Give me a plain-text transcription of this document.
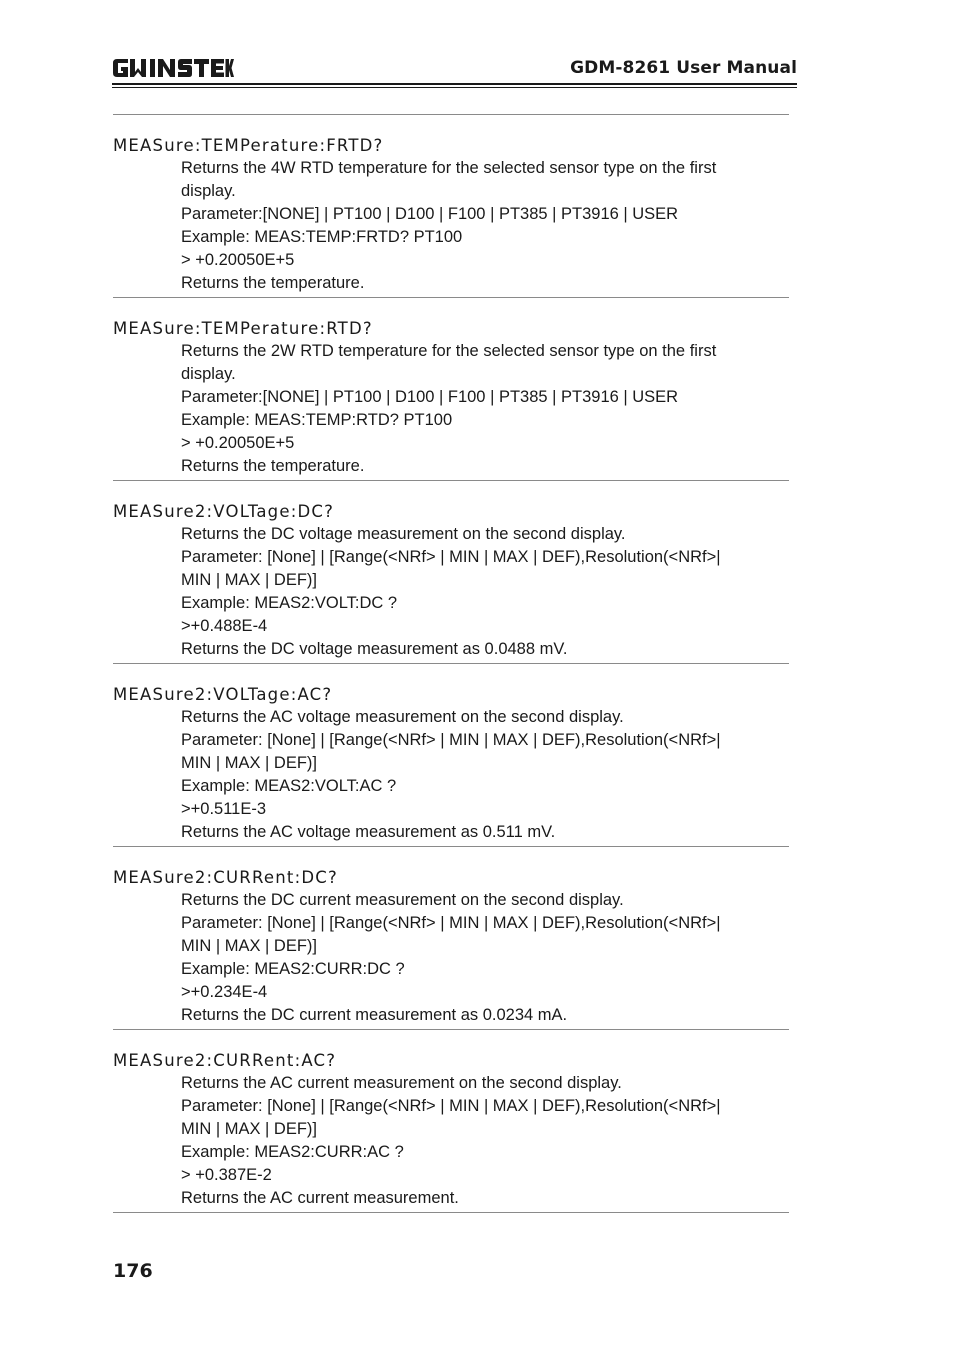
GW INSTEK
GDM-8261 User Manual
MEASure:TEMPerature:FRTD?
Returns the 4W RTD temperature for the selected sensor type on the first
display.
Parameter:[NONE] | PT100 | D100 | F100 | PT385 | PT3916 | USER
Example: MEAS:TEMP:FRTD? PT100
> +0.20050E+5
Returns the temperature.
MEASure:TEMPerature:RTD?
Returns the 2W RTD temperature for the selected sensor type on the first
display.
Parameter:[NONE] | PT100 | D100 | F100 | PT385 | PT3916 | USER
Example: MEAS:TEMP:RTD? PT100
> +0.20050E+5
Returns the temperature.
MEASure2:VOLTage:DC?
Returns the DC voltage measurement on the second display.
Parameter: [None] | [Range(<NRf> | MIN | MAX | DEF),Resolution(<NRf>|
MIN | MAX | DEF)]
Example: MEAS2:VOLT:DC ?
>+0.488E-4
Returns the DC voltage measurement as 0.0488 mV.
MEASure2:VOLTage:AC?
Returns the AC voltage measurement on the second display.
Parameter: [None] | [Range(<NRf> | MIN | MAX | DEF),Resolution(<NRf>|
MIN | MAX | DEF)]
Example: MEAS2:VOLT:AC ?
>+0.511E-3
Returns the AC voltage measurement as 0.511 mV.
MEASure2:CURRent:DC?
Returns the DC current measurement on the second display.
Parameter: [None] | [Range(<NRf> | MIN | MAX | DEF),Resolution(<NRf>|
MIN | MAX | DEF)]
Example: MEAS2:CURR:DC ?
>+0.234E-4
Returns the DC current measurement as 0.0234 mA.
MEASure2:CURRent:AC?
Returns the AC current measurement on the second display.
Parameter: [None] | [Range(<NRf> | MIN | MAX | DEF),Resolution(<NRf>|
MIN | MAX | DEF)]
Example: MEAS2:CURR:AC ?
> +0.387E-2
Returns the AC current measurement.
176
